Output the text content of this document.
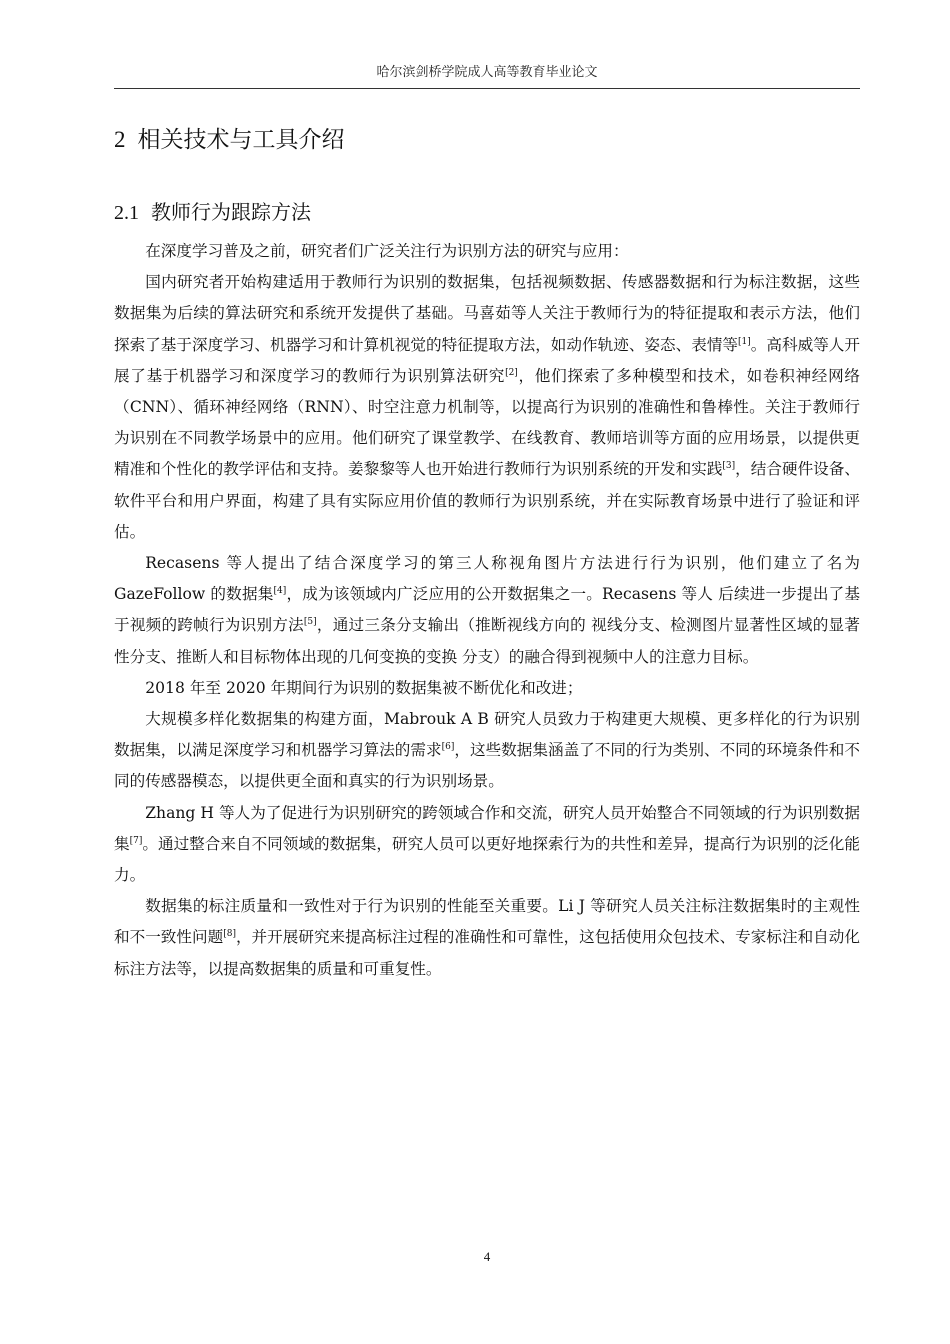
哈尔滨剑桥学院成人高等教育毕业论文
2 相关技术与工具介绍
2.1 教师行为跟踪方法

在深度学习普及之前，研究者们广泛关注行为识别方法的研究与应用：

国内研究者开始构建适用于教师行为识别的数据集，包括视频数据、传感器数据和行为标注数据，这些数据集为后续的算法研究和系统开发提供了基础。马喜茹等人关注于教师行为的特征提取和表示方法，他们探索了基于深度学习、机器学习和计算机视觉的特征提取方法，如动作轨迹、姿态、表情等[1]。高科威等人开展了基于机器学习和深度学习的教师行为识别算法研究[2]，他们探索了多种模型和技术，如卷积神经网络（CNN）、循环神经网络（RNN）、时空注意力机制等，以提高行为识别的准确性和鲁棒性。关注于教师行为识别在不同教学场景中的应用。他们研究了课堂教学、在线教育、教师培训等方面的应用场景，以提供更精准和个性化的教学评估和支持。姜黎黎等人也开始进行教师行为识别系统的开发和实践[3]，结合硬件设备、软件平台和用户界面，构建了具有实际应用价值的教师行为识别系统，并在实际教育场景中进行了验证和评估。

Recasens 等人提出了结合深度学习的第三人称视角图片方法进行行为识别，他们建立了名为 GazeFollow 的数据集[4]，成为该领域内广泛应用的公开数据集之一。Recasens 等人 后续进一步提出了基于视频的跨帧行为识别方法[5]，通过三条分支输出（推断视线方向的 视线分支、检测图片显著性区域的显著性分支、推断人和目标物体出现的几何变换的变换 分支）的融合得到视频中人的注意力目标。

2018 年至 2020 年期间行为识别的数据集被不断优化和改进；

大规模多样化数据集的构建方面，Mabrouk A B 研究人员致力于构建更大规模、更多样化的行为识别数据集，以满足深度学习和机器学习算法的需求[6]，这些数据集涵盖了不同的行为类别、不同的环境条件和不同的传感器模态，以提供更全面和真实的行为识别场景。

Zhang H 等人为了促进行为识别研究的跨领域合作和交流，研究人员开始整合不同领域的行为识别数据集[7]。通过整合来自不同领域的数据集，研究人员可以更好地探索行为的共性和差异，提高行为识别的泛化能力。

数据集的标注质量和一致性对于行为识别的性能至关重要。Li J 等研究人员关注标注数据集时的主观性和不一致性问题[8]，并开展研究来提高标注过程的准确性和可靠性，这包括使用众包技术、专家标注和自动化标注方法等，以提高数据集的质量和可重复性。

4
